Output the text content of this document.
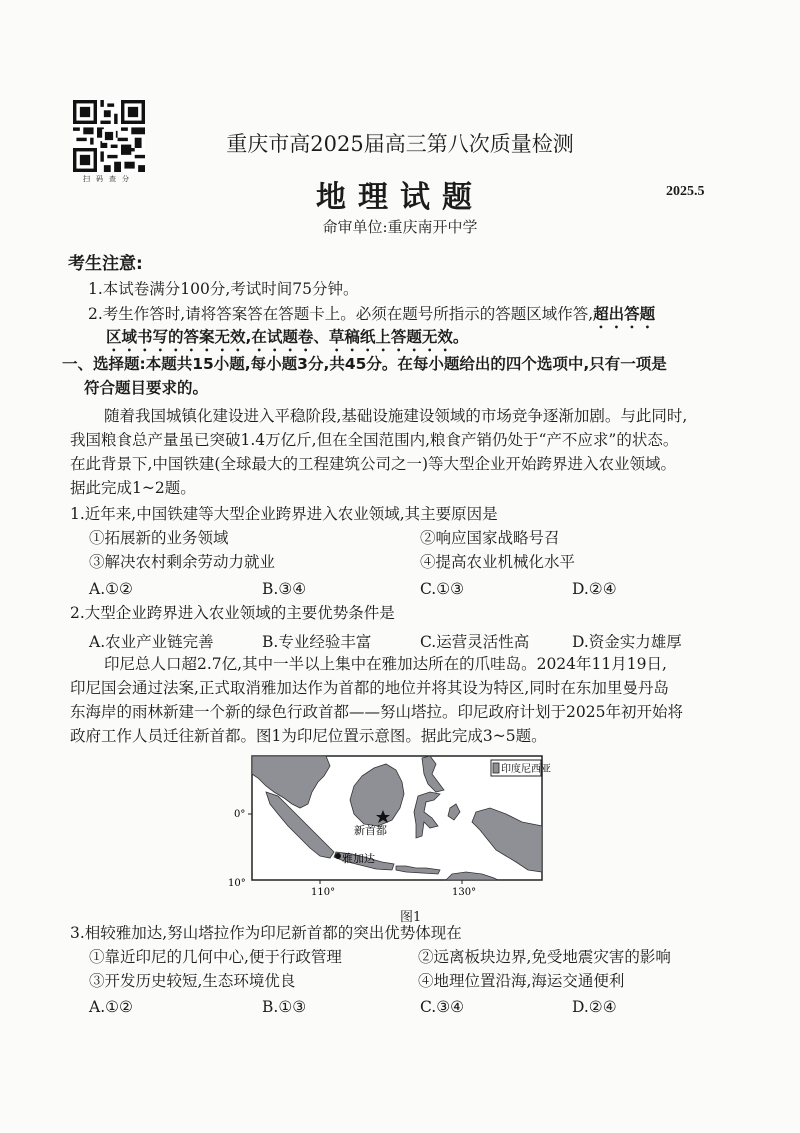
扫码查分
重庆市高2025届高三第八次质量检测
地理试题	2025.5
命审单位:重庆南开中学
考生注意:
1.本试卷满分100分,考试时间75分钟。
2.考生作答时,请将答案答在答题卡上。必须在题号所指示的答题区域作答,超出答题
区域书写的答案无效,在试题卷、草稿纸上答题无效。
一、选择题:本题共15小题,每小题3分,共45分。在每小题给出的四个选项中,只有一项是
符合题目要求的。
随着我国城镇化建设进入平稳阶段,基础设施建设领域的市场竞争逐渐加剧。与此同时,
我国粮食总产量虽已突破1.4万亿斤,但在全国范围内,粮食产销仍处于“产不应求”的状态。
在此背景下,中国铁建(全球最大的工程建筑公司之一)等大型企业开始跨界进入农业领域。
据此完成1~2题。
1.近年来,中国铁建等大型企业跨界进入农业领域,其主要原因是
①拓展新的业务领域	②响应国家战略号召
③解决农村剩余劳动力就业	④提高农业机械化水平
A.①②	B.③④	C.①③	D.②④
2.大型企业跨界进入农业领域的主要优势条件是
A.农业产业链完善	B.专业经验丰富	C.运营灵活性高	D.资金实力雄厚
印尼总人口超2.7亿,其中一半以上集中在雅加达所在的爪哇岛。2024年11月19日,
印尼国会通过法案,正式取消雅加达作为首都的地位并将其设为特区,同时在东加里曼丹岛
东海岸的雨林新建一个新的绿色行政首都——努山塔拉。印尼政府计划于2025年初开始将
政府工作人员迁往新首都。图1为印尼位置示意图。据此完成3~5题。
印度尼西亚
新首都
雅加达
0°
10°
110°	130°
图1
3.相较雅加达,努山塔拉作为印尼新首都的突出优势体现在
①靠近印尼的几何中心,便于行政管理	②远离板块边界,免受地震灾害的影响
③开发历史较短,生态环境优良	④地理位置沿海,海运交通便利
A.①②	B.①③	C.③④	D.②④
